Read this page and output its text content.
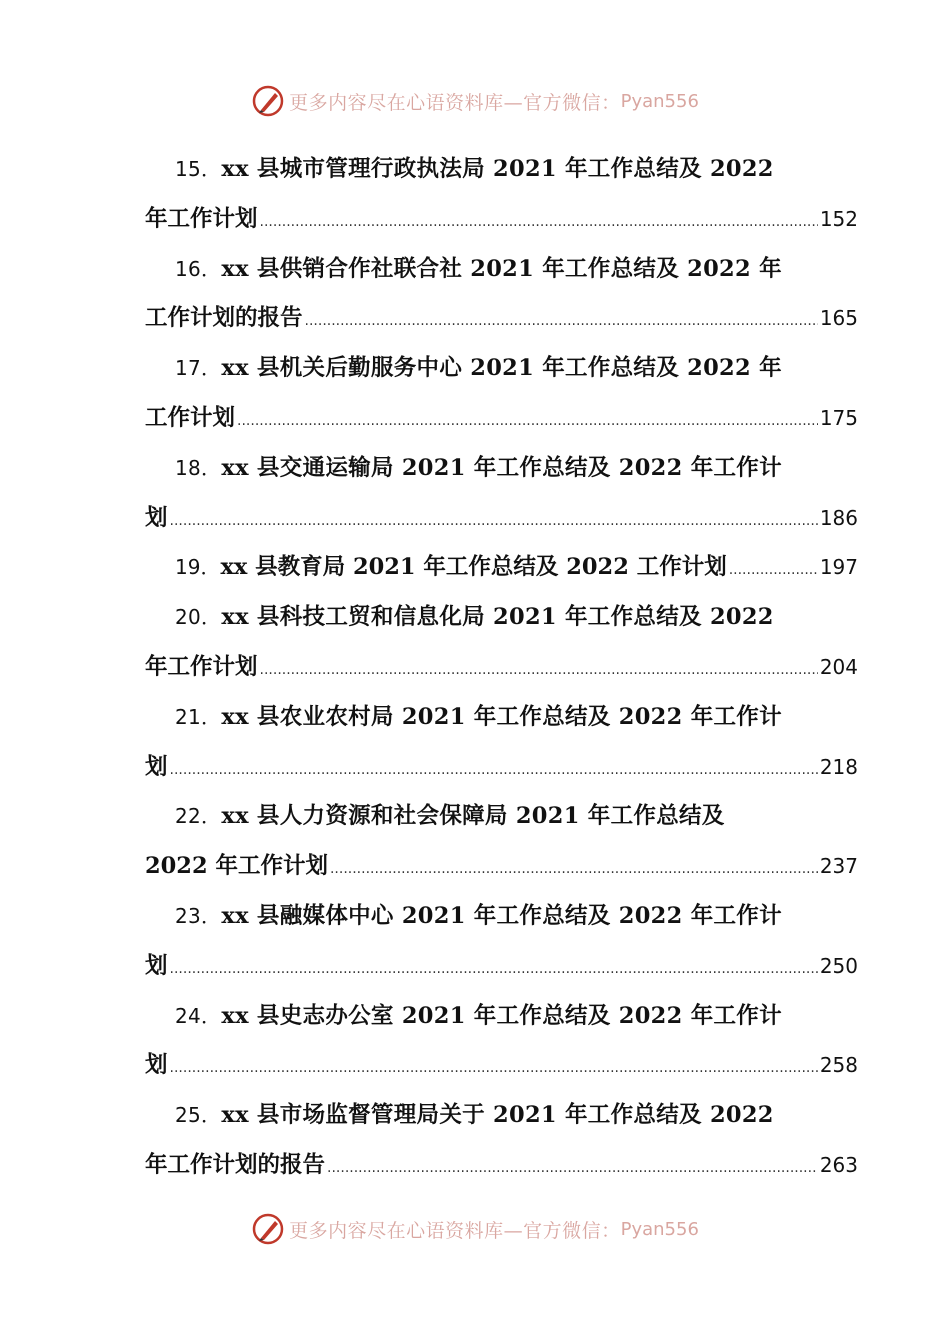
更多内容尽在心语资料库—官方微信： Pyan556
15．xx 县城市管理行政执法局 2021 年工作总结及 2022
年工作计划 .....	152
16．xx 县供销合作社联合社 2021 年工作总结及 2022 年
工作计划的报告 .....	165
17．xx 县机关后勤服务中心 2021 年工作总结及 2022 年
工作计划 .....	175
18．xx 县交通运输局 2021 年工作总结及 2022 年工作计
划 .....	186
19． xx 县教育局 2021 年工作总结及 2022 工作计划 .....	197
20．xx 县科技工贸和信息化局 2021 年工作总结及 2022
年工作计划 .....	204
21．xx 县农业农村局 2021 年工作总结及 2022 年工作计
划 .....	218
22．xx 县人力资源和社会保障局 2021 年工作总结及
2022 年工作计划 .....	237
23．xx 县融媒体中心 2021 年工作总结及 2022 年工作计
划 .....	250
24．xx 县史志办公室 2021 年工作总结及 2022 年工作计
划 .....	258
25．xx 县市场监督管理局关于 2021 年工作总结及 2022
年工作计划的报告 .....	263
更多内容尽在心语资料库—官方微信： Pyan556
